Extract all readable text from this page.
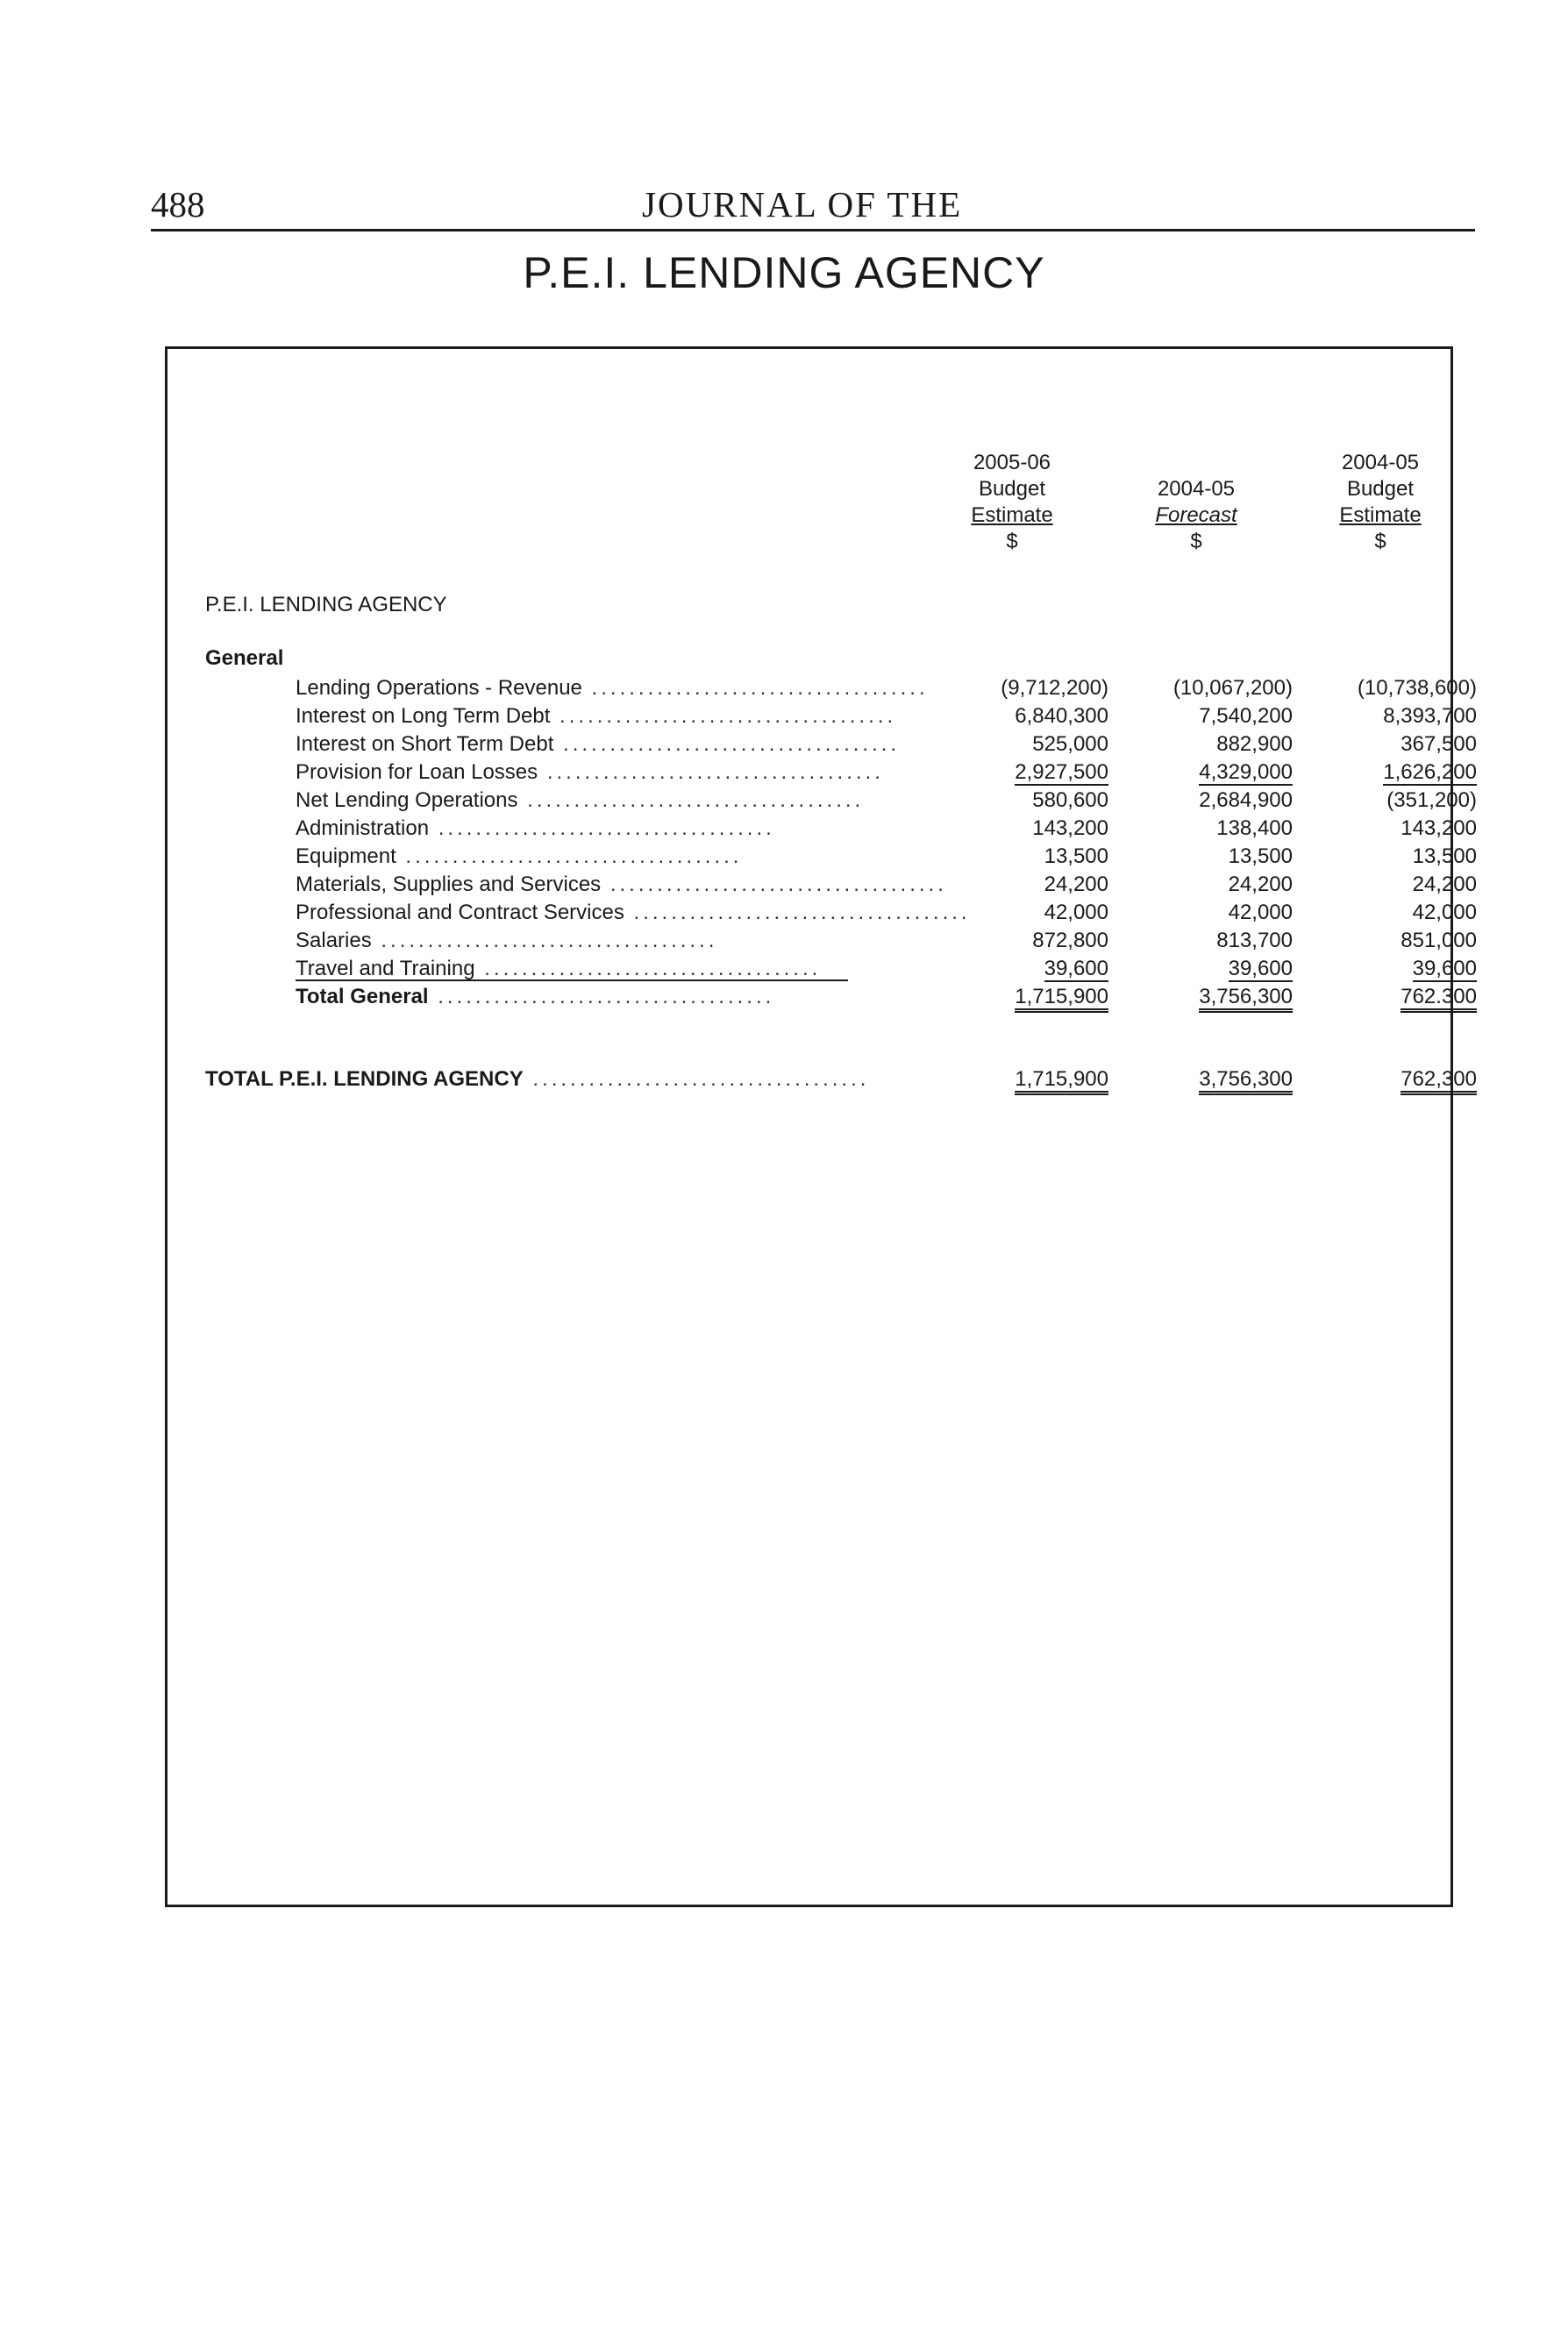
488	JOURNAL OF THE
P.E.I. LENDING AGENCY
2005-06
Budget
Estimate
$

2004-05
Forecast
$
2004-05
Budget
Estimate
$
P.E.I. LENDING AGENCY
General
Lending Operations - Revenue ....................................	(9,712,200)	(10,067,200)	(10,738,600)
Interest on Long Term Debt ....................................	6,840,300	7,540,200	8,393,700
Interest on Short Term Debt ....................................	525,000	882,900	367,500
Provision for Loan Losses ....................................	2,927,500	4,329,000	1,626,200
Net Lending Operations ....................................	580,600	2,684,900	(351,200)
Administration ....................................	143,200	138,400	143,200
Equipment ....................................	13,500	13,500	13,500
Materials, Supplies and Services ....................................	24,200	24,200	24,200
Professional and Contract Services ....................................	42,000	42,000	42,000
Salaries ....................................	872,800	813,700	851,000
Travel and Training ....................................	39,600	39,600	39,600
Total General ....................................	1,715,900	3,756,300	762.300
TOTAL P.E.I. LENDING AGENCY ....................................	1,715,900	3,756,300	762,300
